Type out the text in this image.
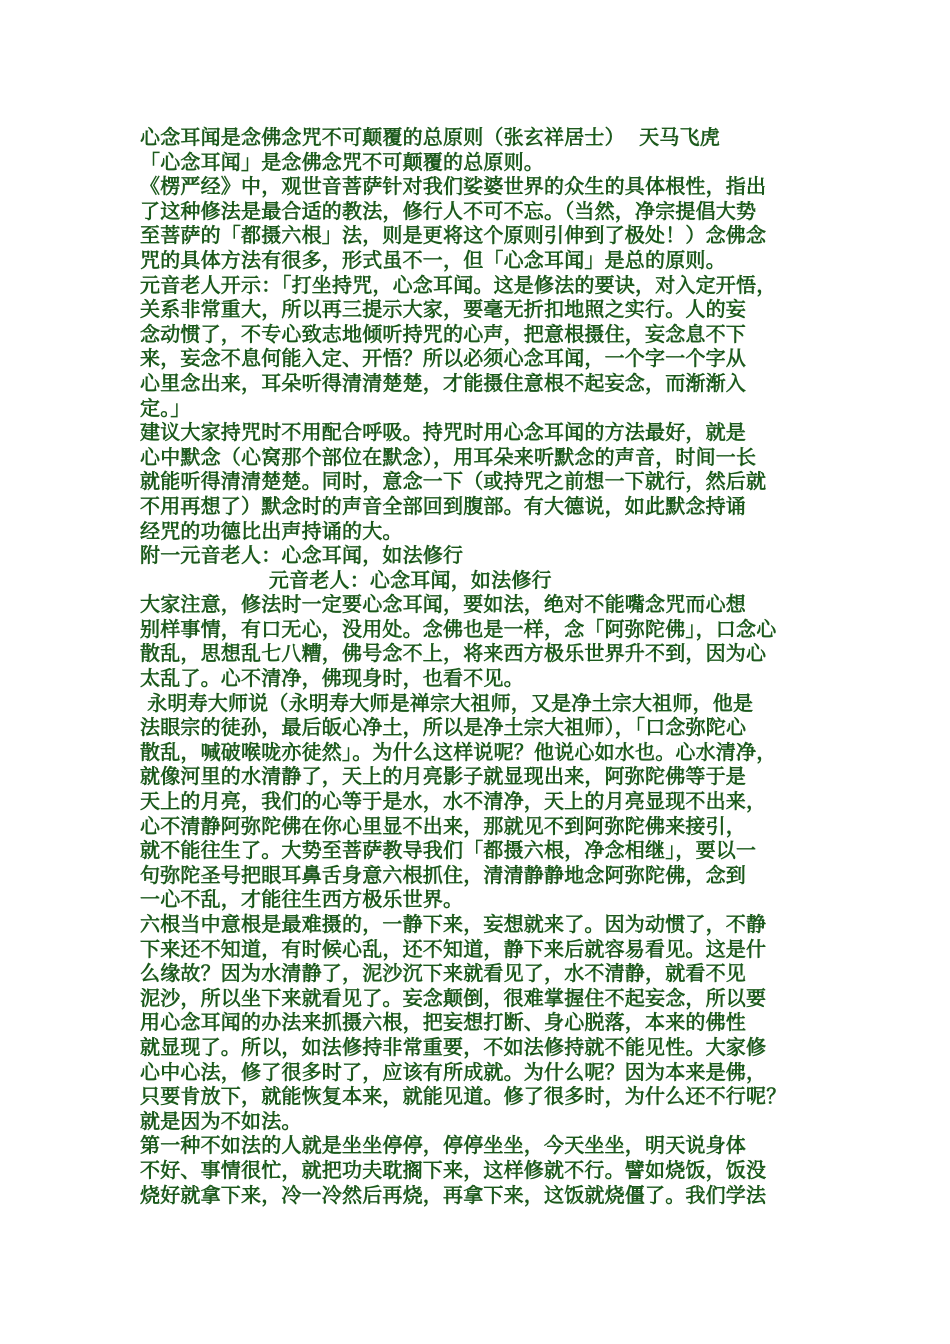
心念耳闻是念佛念咒不可颠覆的总原则（张玄祥居士）  天马飞虎
「心念耳闻」是念佛念咒不可颠覆的总原则。
《楞严经》中，观世音菩萨针对我们娑婆世界的众生的具体根性，指出
了这种修法是最合适的教法，修行人不可不忘。（当然，净宗提倡大势
至菩萨的「都摄六根」法，则是更将这个原则引伸到了极处！）念佛念
咒的具体方法有很多，形式虽不一，但「心念耳闻」是总的原则。
元音老人开示：「打坐持咒，心念耳闻。这是修法的要诀，对入定开悟，
关系非常重大，所以再三提示大家，要毫无折扣地照之实行。人的妄
念动惯了，不专心致志地倾听持咒的心声，把意根摄住，妄念息不下
来，妄念不息何能入定、开悟？所以必须心念耳闻，一个字一个字从
心里念出来，耳朵听得清清楚楚，才能摄住意根不起妄念，而渐渐入
定。」
建议大家持咒时不用配合呼吸。持咒时用心念耳闻的方法最好，就是
心中默念（心窝那个部位在默念），用耳朵来听默念的声音，时间一长
就能听得清清楚楚。同时，意念一下（或持咒之前想一下就行，然后就
不用再想了）默念时的声音全部回到腹部。有大德说，如此默念持诵
经咒的功德比出声持诵的大。
附一元音老人：心念耳闻，如法修行
元音老人：心念耳闻，如法修行
大家注意，修法时一定要心念耳闻，要如法，绝对不能嘴念咒而心想
别样事情，有口无心，没用处。念佛也是一样，念「阿弥陀佛」，口念心
散乱，思想乱七八糟，佛号念不上，将来西方极乐世界升不到，因为心
太乱了。心不清净，佛现身时，也看不见。
永明寿大师说（永明寿大师是禅宗大祖师，又是净土宗大祖师，他是
法眼宗的徒孙，最后皈心净土，所以是净土宗大祖师），「口念弥陀心
散乱，喊破喉咙亦徒然」。为什么这样说呢？他说心如水也。心水清净，
就像河里的水清静了，天上的月亮影子就显现出来，阿弥陀佛等于是
天上的月亮，我们的心等于是水，水不清净，天上的月亮显现不出来，
心不清静阿弥陀佛在你心里显不出来，那就见不到阿弥陀佛来接引，
就不能往生了。大势至菩萨教导我们「都摄六根，净念相继」，要以一
句弥陀圣号把眼耳鼻舌身意六根抓住，清清静静地念阿弥陀佛，念到
一心不乱，才能往生西方极乐世界。
六根当中意根是最难摄的，一静下来，妄想就来了。因为动惯了，不静
下来还不知道，有时候心乱，还不知道，静下来后就容易看见。这是什
么缘故？因为水清静了，泥沙沉下来就看见了，水不清静，就看不见
泥沙，所以坐下来就看见了。妄念颠倒，很难掌握住不起妄念，所以要
用心念耳闻的办法来抓摄六根，把妄想打断、身心脱落，本来的佛性
就显现了。所以，如法修持非常重要，不如法修持就不能见性。大家修
心中心法，修了很多时了，应该有所成就。为什么呢？因为本来是佛，
只要肯放下，就能恢复本来，就能见道。修了很多时，为什么还不行呢？
就是因为不如法。
第一种不如法的人就是坐坐停停，停停坐坐，今天坐坐，明天说身体
不好、事情很忙，就把功夫耽搁下来，这样修就不行。譬如烧饭，饭没
烧好就拿下来，冷一冷然后再烧，再拿下来，这饭就烧僵了。我们学法
